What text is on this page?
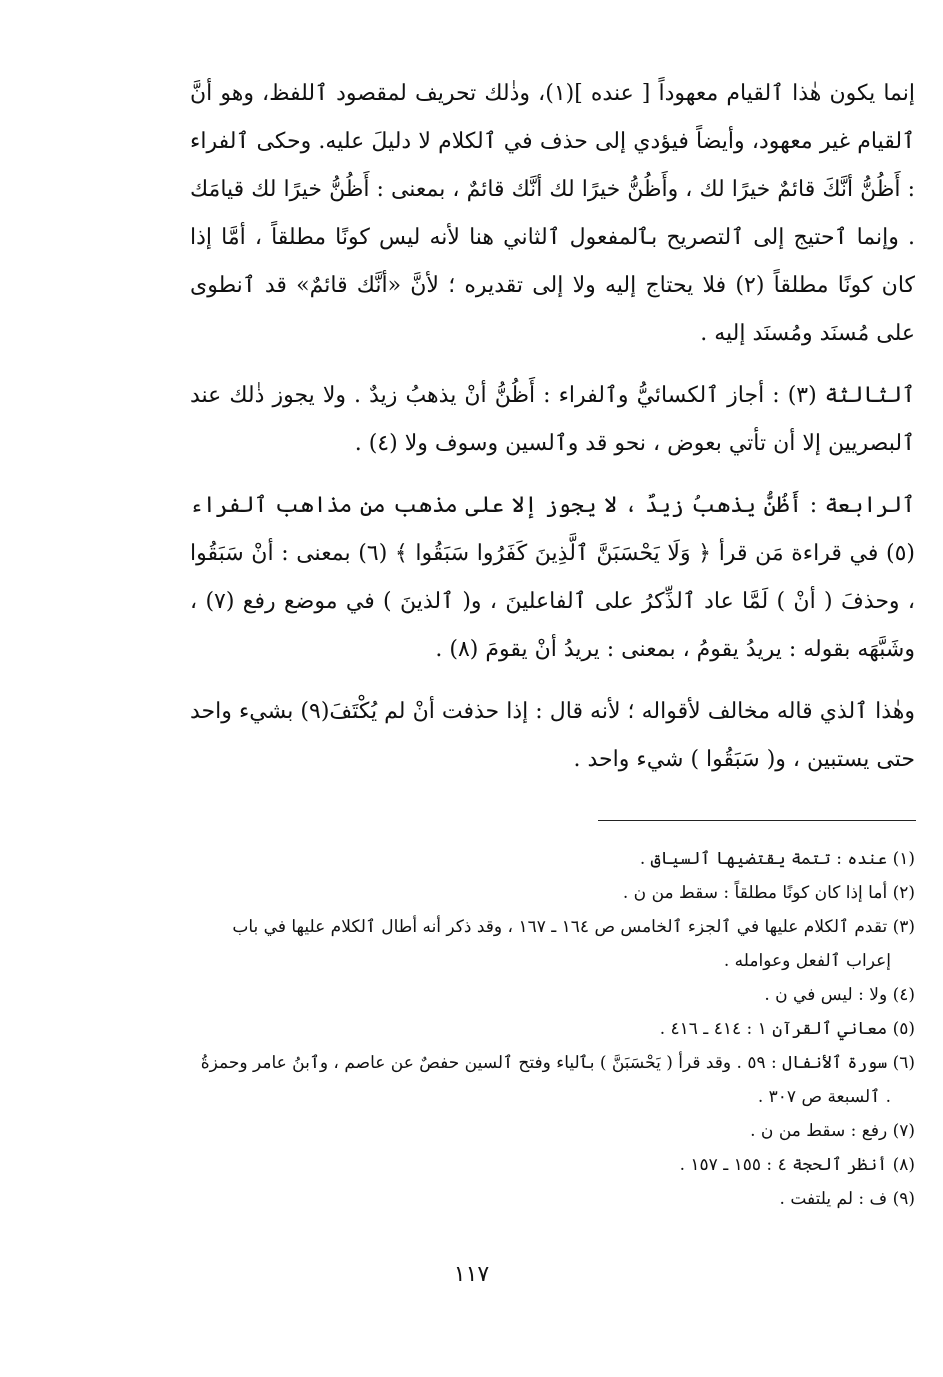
إنما يكون هٰذا ٱلقيام معهوداً [ عنده ](١)، وذٰلك تحريف لمقصود ٱللفظ، وهو أنَّ ٱلقيام غير معهود، وأيضاً فيؤدي إلى حذف في ٱلكلام لا دليلَ عليه. وحكى ٱلفراء : أَظُنُّ أنَّكَ قائمٌ خيرًا لك ، وأَظُنُّ خيرًا لك أنَّك قائمٌ ، بمعنى : أَظُنُّ خيرًا لك قيامَك . وإنما ٱحتيج إلى ٱلتصريح بٱلمفعول ٱلثاني هنا لأنه ليس كونًا مطلقاً ، أمَّا إذا كان كونًا مطلقاً (٢) فلا يحتاج إليه ولا إلى تقديره ؛ لأنَّ «أنَّك قائمٌ» قد ٱنطوى على مُسنَد ومُسنَد إليه .

ٱلثالثة (٣) : أجاز ٱلكسائيُّ وٱلفراء : أَظُنُّ أنْ يذهبُ زيدٌ . ولا يجوز ذٰلك عند ٱلبصريين إلا أن تأتي بعوض ، نحو قد وٱلسين وسوف ولا (٤) .

ٱلرابعة : أَظُنُّ يذهبُ زيدٌ ، لا يجوز إلا على مذهب من مذاهب ٱلفراء (٥) في قراءة مَن قرأ ﴿ وَلَا يَحْسَبَنَّ ٱلَّذِينَ كَفَرُوا سَبَقُوا ﴾ (٦) بمعنى : أنْ سَبَقُوا ، وحذفَ ( أنْ ) لَمَّا عاد ٱلذِّكرُ على ٱلفاعلينَ ، و( ٱلذينَ ) في موضع رفع (٧) ، وشَبَّهَه بقوله : يريدُ يقومُ ، بمعنى : يريدُ أنْ يقومَ (٨) .

وهٰذا ٱلذي قاله مخالف لأقواله ؛ لأنه قال : إذا حذفت أنْ لم يُكْتَفَ(٩) بشيء واحد حتى يستبين ، و( سَبَقُوا ) شيء واحد .

(١) عنده : تتمة يقتضيها ٱلسياق .
(٢) أما إذا كان كونًا مطلقاً : سقط من ن .
(٣) تقدم ٱلكلام عليها في ٱلجزء ٱلخامس ص ١٦٤ ـ ١٦٧ ، وقد ذكر أنه أطال ٱلكلام عليها في باب إعراب ٱلفعل وعوامله .
(٤) ولا : ليس في ن .
(٥) معاني ٱلقرآن ١ : ٤١٤ ـ ٤١٦ .
(٦) سورة ٱلأنفال : ٥٩ . وقد قرأ ( يَحْسَبَنَّ ) بٱلياء وفتح ٱلسين حفصٌ عن عاصم ، وٱبنُ عامر وحمزةُ . ٱلسبعة ص ٣٠٧ .
(٧) رفع : سقط من ن .
(٨) أنظر ٱلحجة ٤ : ١٥٥ ـ ١٥٧ .
(٩) ف : لم يلتفت .
١١٧
